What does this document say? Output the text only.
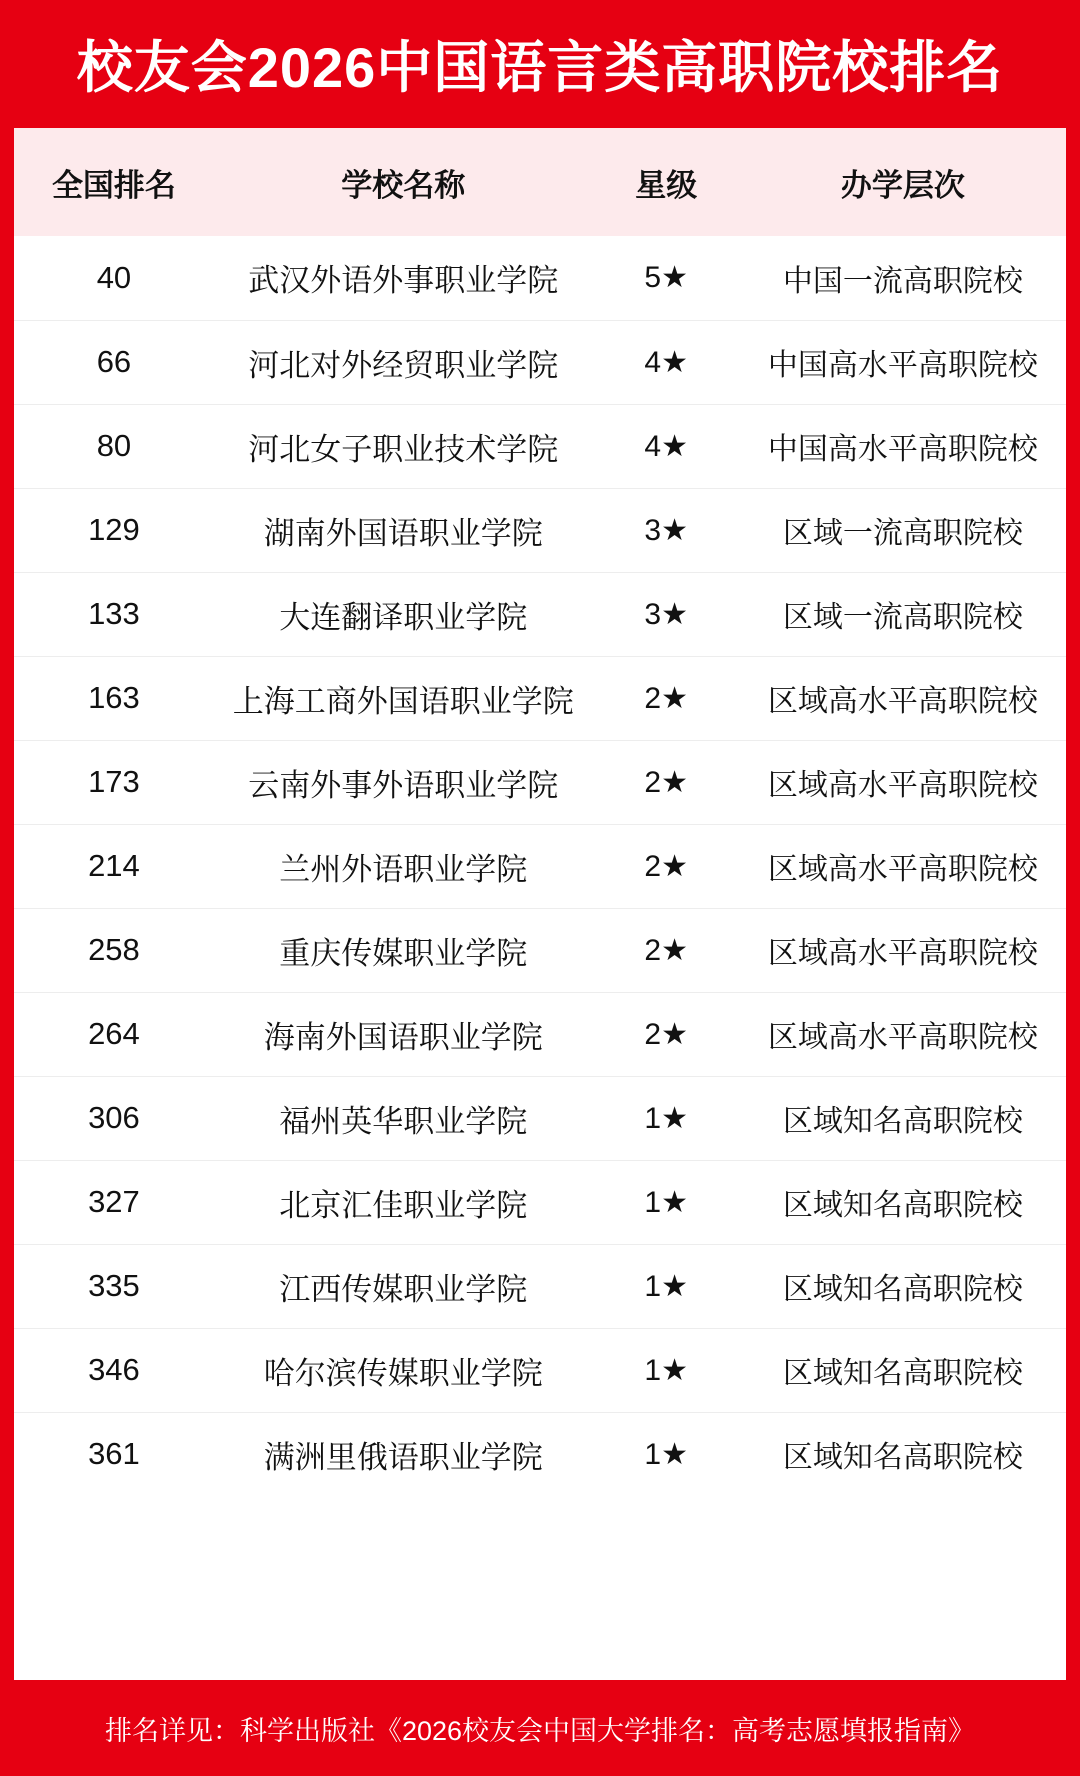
校友会2026中国语言类高职院校排名
全国排名	学校名称	星级	办学层次
40	武汉外语外事职业学院	5★	中国一流高职院校
66	河北对外经贸职业学院	4★	中国高水平高职院校
80	河北女子职业技术学院	4★	中国高水平高职院校
129	湖南外国语职业学院	3★	区域一流高职院校
133	大连翻译职业学院	3★	区域一流高职院校
163	上海工商外国语职业学院	2★	区域高水平高职院校
173	云南外事外语职业学院	2★	区域高水平高职院校
214	兰州外语职业学院	2★	区域高水平高职院校
258	重庆传媒职业学院	2★	区域高水平高职院校
264	海南外国语职业学院	2★	区域高水平高职院校
306	福州英华职业学院	1★	区域知名高职院校
327	北京汇佳职业学院	1★	区域知名高职院校
335	江西传媒职业学院	1★	区域知名高职院校
346	哈尔滨传媒职业学院	1★	区域知名高职院校
361	满洲里俄语职业学院	1★	区域知名高职院校
排名详见：科学出版社《2026校友会中国大学排名：高考志愿填报指南》
